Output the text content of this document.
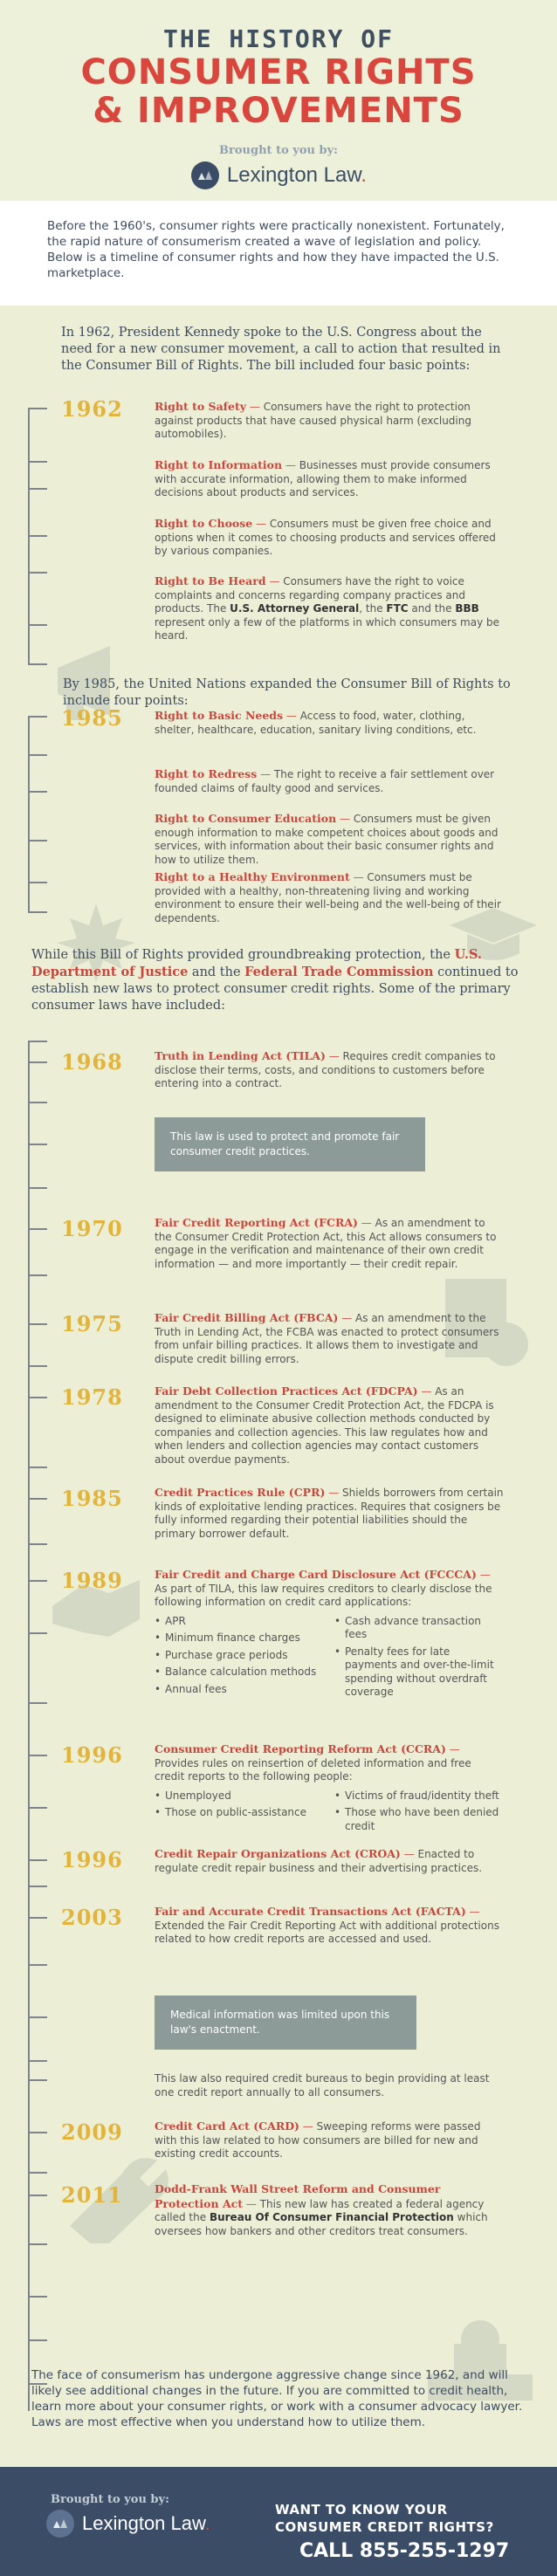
THE HISTORY OF
CONSUMER RIGHTS
& IMPROVEMENTS
Brought to you by:
Lexington Law.

Before the 1960's, consumer rights were practically nonexistent. Fortunately, the rapid nature of consumerism created a wave of legislation and policy. Below is a timeline of consumer rights and how they have impacted the U.S. marketplace.

In 1962, President Kennedy spoke to the U.S. Congress about the need for a new consumer movement, a call to action that resulted in the Consumer Bill of Rights. The bill included four basic points:

1962	Right to Safety — Consumers have the right to protection against products that have caused physical harm (excluding automobiles).
Right to Information — Businesses must provide consumers with accurate information, allowing them to make informed decisions about products and services.
Right to Choose — Consumers must be given free choice and options when it comes to choosing products and services offered by various companies.
Right to Be Heard — Consumers have the right to voice complaints and concerns regarding company practices and products. The U.S. Attorney General, the FTC and the BBB represent only a few of the platforms in which consumers may be heard.
By 1985, the United Nations expanded the Consumer Bill of Rights to include four points:
1985	Right to Basic Needs — Access to food, water, clothing, shelter, healthcare, education, sanitary living conditions, etc.
Right to Redress — The right to receive a fair settlement over founded claims of faulty good and services.
Right to Consumer Education — Consumers must be given enough information to make competent choices about goods and services, with information about their basic consumer rights and how to utilize them.
Right to a Healthy Environment — Consumers must be provided with a healthy, non-threatening living and working environment to ensure their well-being and the well-being of their dependents.
While this Bill of Rights provided groundbreaking protection, the U.S. Department of Justice and the Federal Trade Commission continued to establish new laws to protect consumer credit rights. Some of the primary consumer laws have included:
1968	Truth in Lending Act (TILA) — Requires credit companies to disclose their terms, costs, and conditions to customers before entering into a contract.
This law is used to protect and promote fair consumer credit practices.
1970	Fair Credit Reporting Act (FCRA) — As an amendment to the Consumer Credit Protection Act, this Act allows consumers to engage in the verification and maintenance of their own credit information — and more importantly — their credit repair.
1975	Fair Credit Billing Act (FBCA) — As an amendment to the Truth in Lending Act, the FCBA was enacted to protect consumers from unfair billing practices. It allows them to investigate and dispute credit billing errors.
1978	Fair Debt Collection Practices Act (FDCPA) — As an amendment to the Consumer Credit Protection Act, the FDCPA is designed to eliminate abusive collection methods conducted by companies and collection agencies. This law regulates how and when lenders and collection agencies may contact customers about overdue payments.
1985	Credit Practices Rule (CPR) — Shields borrowers from certain kinds of exploitative lending practices. Requires that cosigners be fully informed regarding their potential liabilities should the primary borrower default.
1989	Fair Credit and Charge Card Disclosure Act (FCCCA) — As part of TILA, this law requires creditors to clearly disclose the following information on credit card applications:
• APR
• Minimum finance charges
• Purchase grace periods
• Balance calculation methods
• Annual fees
• Cash advance transaction fees
• Penalty fees for late payments and over-the-limit spending without overdraft coverage
1996	Consumer Credit Reporting Reform Act (CCRA) — Provides rules on reinsertion of deleted information and free credit reports to the following people:
• Unemployed
• Those on public-assistance
• Victims of fraud/identity theft
• Those who have been denied credit
1996	Credit Repair Organizations Act (CROA) — Enacted to regulate credit repair business and their advertising practices.
2003	Fair and Accurate Credit Transactions Act (FACTA) — Extended the Fair Credit Reporting Act with additional protections related to how credit reports are accessed and used.
Medical information was limited upon this law's enactment.
This law also required credit bureaus to begin providing at least one credit report annually to all consumers.
2009	Credit Card Act (CARD) — Sweeping reforms were passed with this law related to how consumers are billed for new and existing credit accounts.
2011	Dodd-Frank Wall Street Reform and Consumer Protection Act — This new law has created a federal agency called the Bureau Of Consumer Financial Protection which oversees how bankers and other creditors treat consumers.
The face of consumerism has undergone aggressive change since 1962, and will likely see additional changes in the future. If you are committed to credit health, learn more about your consumer rights, or work with a consumer advocacy lawyer. Laws are most effective when you understand how to utilize them.
Brought to you by:
Lexington Law.
WANT TO KNOW YOUR
CONSUMER CREDIT RIGHTS?
CALL 855-255-1297
